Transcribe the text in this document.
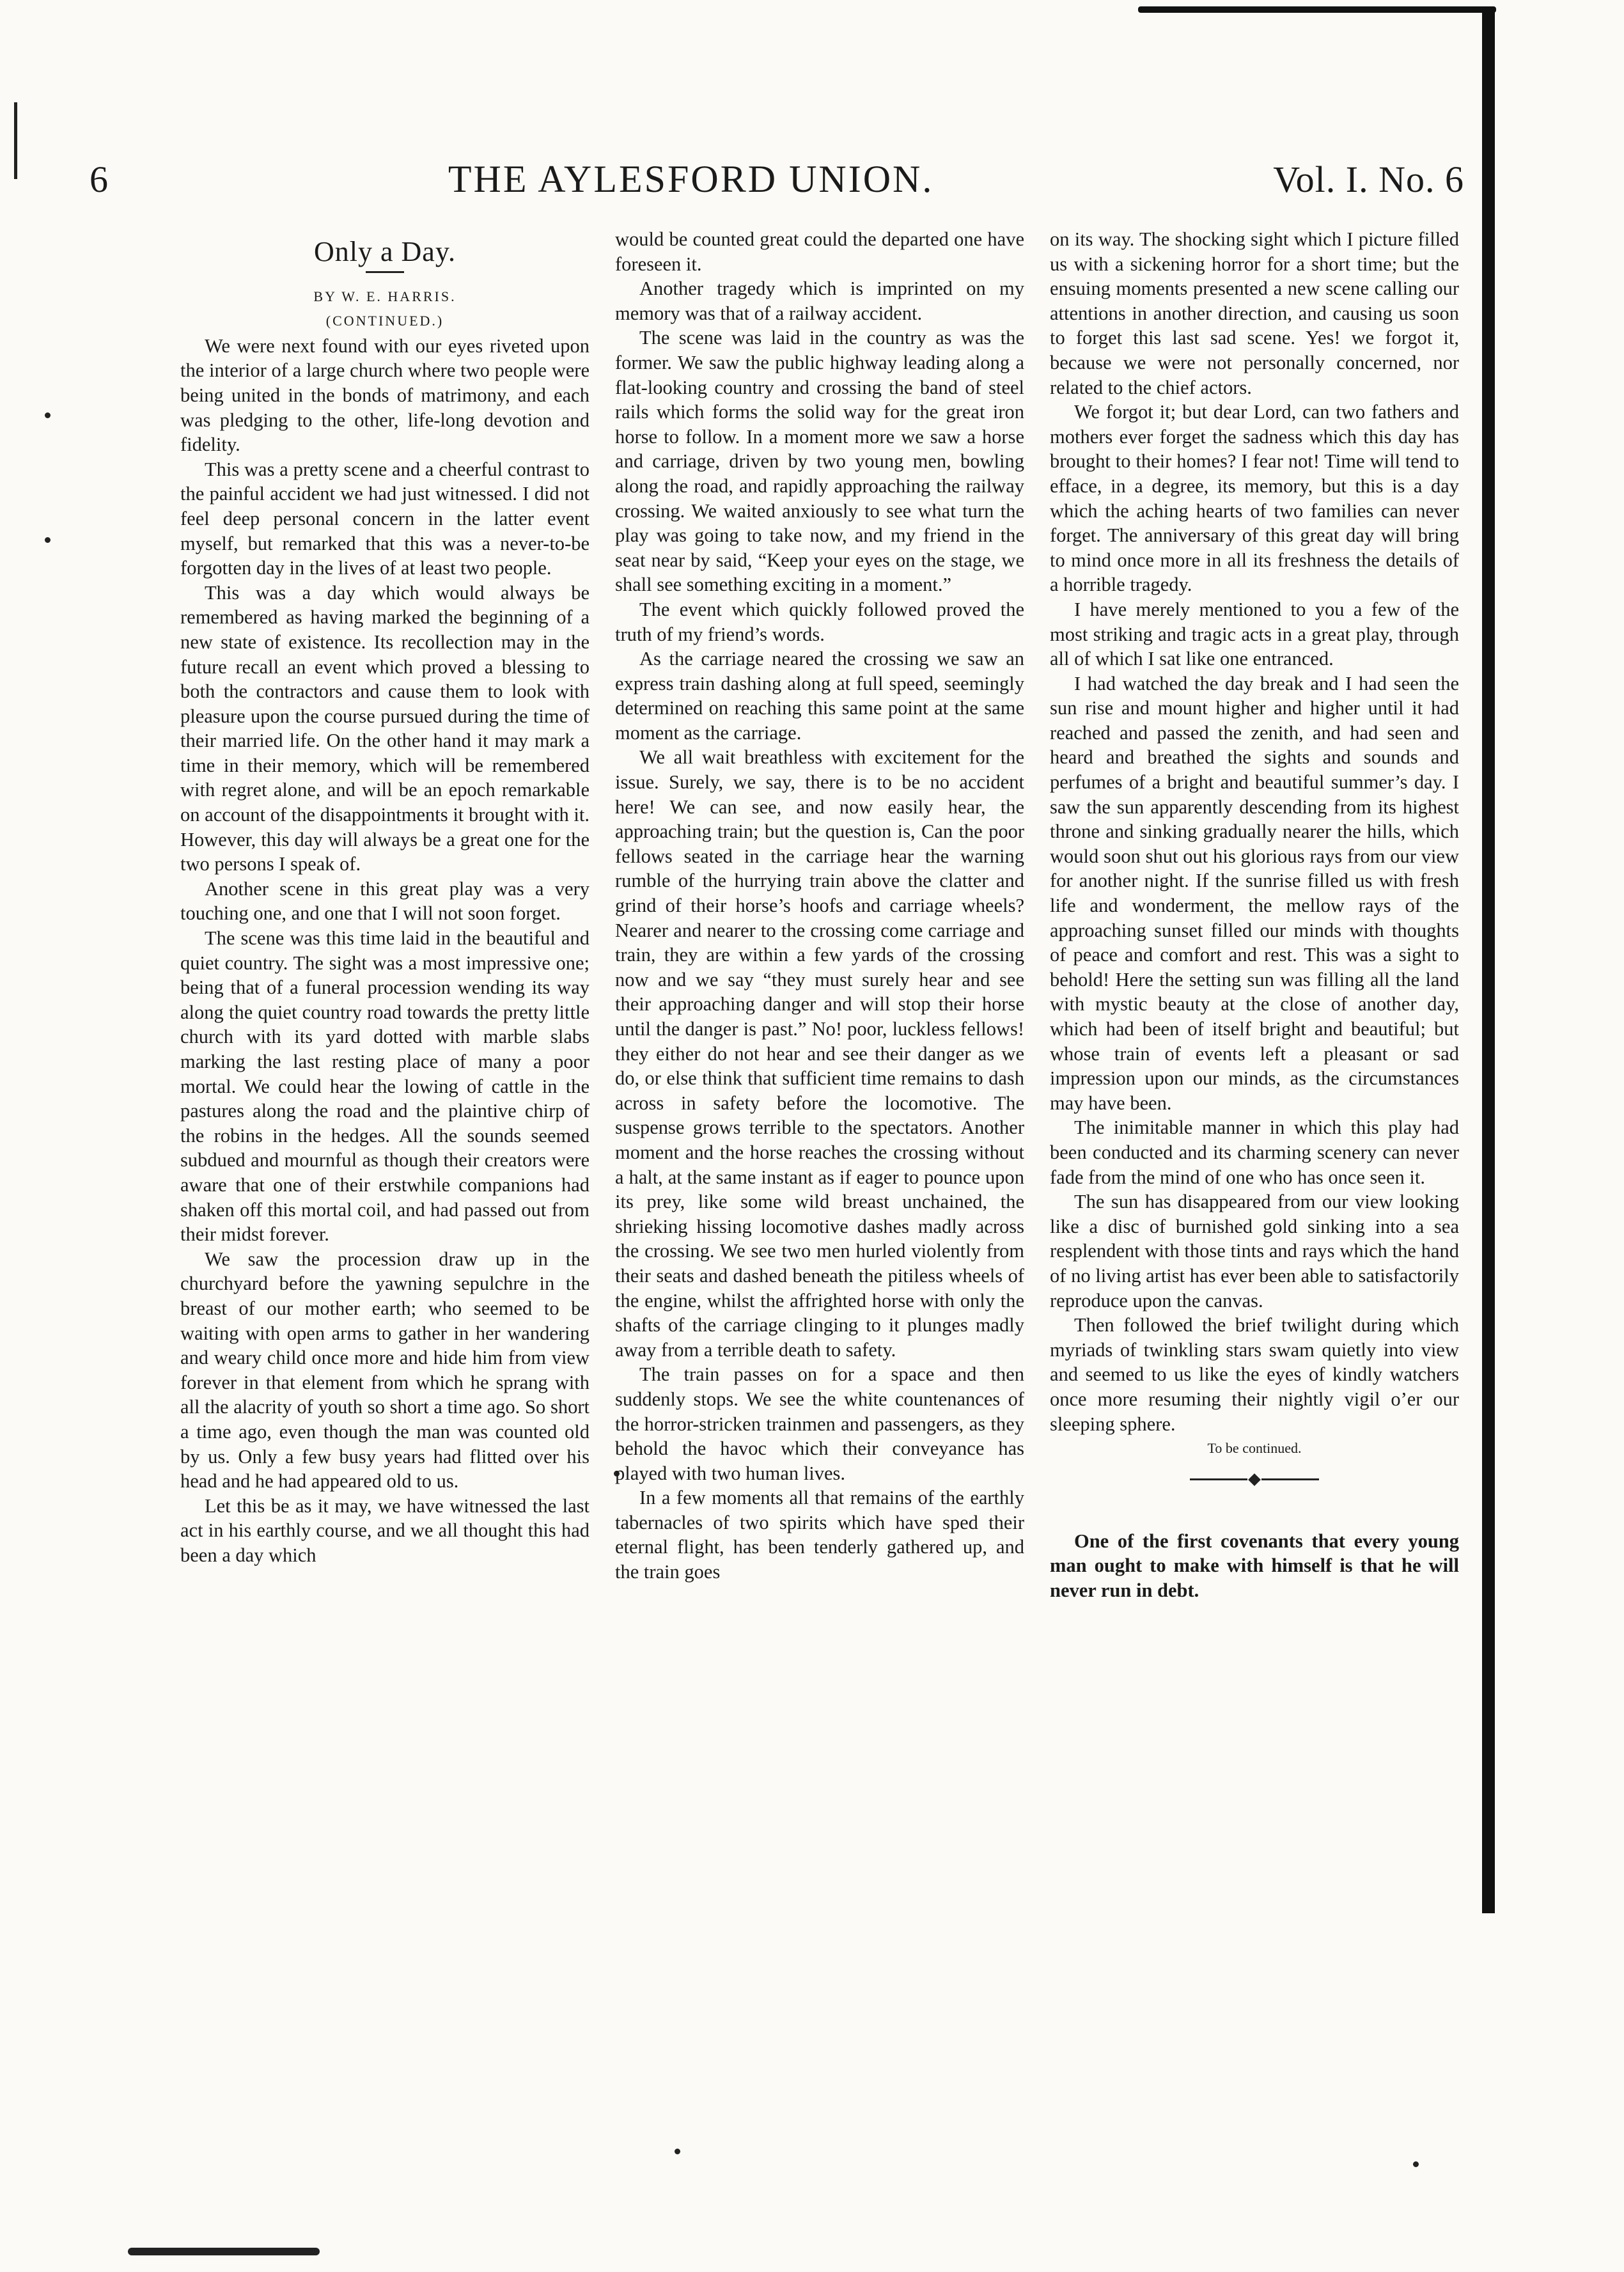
6	THE AYLESFORD UNION.	Vol. I. No. 6
Only a Day.

BY W. E. HARRIS.

(CONTINUED.)

We were next found with our eyes riveted upon the interior of a large church where two people were being united in the bonds of matrimony, and each was pledging to the other, life-long devotion and fidelity.

This was a pretty scene and a cheerful contrast to the painful accident we had just witnessed. I did not feel deep personal concern in the latter event myself, but remarked that this was a never-to-be forgotten day in the lives of at least two people.

This was a day which would always be remembered as having marked the beginning of a new state of existence. Its recollection may in the future recall an event which proved a blessing to both the contractors and cause them to look with pleasure upon the course pursued during the time of their married life. On the other hand it may mark a time in their memory, which will be remembered with regret alone, and will be an epoch remarkable on account of the disappointments it brought with it. However, this day will always be a great one for the two persons I speak of.

Another scene in this great play was a very touching one, and one that I will not soon forget.

The scene was this time laid in the beautiful and quiet country. The sight was a most impressive one; being that of a funeral procession wending its way along the quiet country road towards the pretty little church with its yard dotted with marble slabs marking the last resting place of many a poor mortal. We could hear the lowing of cattle in the pastures along the road and the plaintive chirp of the robins in the hedges. All the sounds seemed subdued and mournful as though their creators were aware that one of their erstwhile companions had shaken off this mortal coil, and had passed out from their midst forever.

We saw the procession draw up in the churchyard before the yawning sepulchre in the breast of our mother earth; who seemed to be waiting with open arms to gather in her wandering and weary child once more and hide him from view forever in that element from which he sprang with all the alacrity of youth so short a time ago. So short a time ago, even though the man was counted old by us. Only a few busy years had flitted over his head and he had appeared old to us.

Let this be as it may, we have witnessed the last act in his earthly course, and we all thought this had been a day which

would be counted great could the departed one have foreseen it.

Another tragedy which is imprinted on my memory was that of a railway accident.

The scene was laid in the country as was the former. We saw the public highway leading along a flat-looking country and crossing the band of steel rails which forms the solid way for the great iron horse to follow. In a moment more we saw a horse and carriage, driven by two young men, bowling along the road, and rapidly approaching the railway crossing. We waited anxiously to see what turn the play was going to take now, and my friend in the seat near by said, “Keep your eyes on the stage, we shall see something exciting in a moment.”

The event which quickly followed proved the truth of my friend’s words.

As the carriage neared the crossing we saw an express train dashing along at full speed, seemingly determined on reaching this same point at the same moment as the carriage.

We all wait breathless with excitement for the issue. Surely, we say, there is to be no accident here! We can see, and now easily hear, the approaching train; but the question is, Can the poor fellows seated in the carriage hear the warning rumble of the hurrying train above the clatter and grind of their horse’s hoofs and carriage wheels? Nearer and nearer to the crossing come carriage and train, they are within a few yards of the crossing now and we say “they must surely hear and see their approaching danger and will stop their horse until the danger is past.” No! poor, luckless fellows! they either do not hear and see their danger as we do, or else think that sufficient time remains to dash across in safety before the locomotive. The suspense grows terrible to the spectators. Another moment and the horse reaches the crossing without a halt, at the same instant as if eager to pounce upon its prey, like some wild breast unchained, the shrieking hissing locomotive dashes madly across the crossing. We see two men hurled violently from their seats and dashed beneath the pitiless wheels of the engine, whilst the affrighted horse with only the shafts of the carriage clinging to it plunges madly away from a terrible death to safety.

The train passes on for a space and then suddenly stops. We see the white countenances of the horror-stricken trainmen and passengers, as they behold the havoc which their conveyance has played with two human lives.

In a few moments all that remains of the earthly tabernacles of two spirits which have sped their eternal flight, has been tenderly gathered up, and the train goes

on its way. The shocking sight which I picture filled us with a sickening horror for a short time; but the ensuing moments presented a new scene calling our attentions in another direction, and causing us soon to forget this last sad scene. Yes! we forgot it, because we were not personally concerned, nor related to the chief actors.

We forgot it; but dear Lord, can two fathers and mothers ever forget the sadness which this day has brought to their homes? I fear not! Time will tend to efface, in a degree, its memory, but this is a day which the aching hearts of two families can never forget. The anniversary of this great day will bring to mind once more in all its freshness the details of a horrible tragedy.

I have merely mentioned to you a few of the most striking and tragic acts in a great play, through all of which I sat like one entranced.

I had watched the day break and I had seen the sun rise and mount higher and higher until it had reached and passed the zenith, and had seen and heard and breathed the sights and sounds and perfumes of a bright and beautiful summer’s day. I saw the sun apparently descending from its highest throne and sinking gradually nearer the hills, which would soon shut out his glorious rays from our view for another night. If the sunrise filled us with fresh life and wonderment, the mellow rays of the approaching sunset filled our minds with thoughts of peace and comfort and rest. This was a sight to behold! Here the setting sun was filling all the land with mystic beauty at the close of another day, which had been of itself bright and beautiful; but whose train of events left a pleasant or sad impression upon our minds, as the circumstances may have been.

The inimitable manner in which this play had been conducted and its charming scenery can never fade from the mind of one who has once seen it.

The sun has disappeared from our view looking like a disc of burnished gold sinking into a sea resplendent with those tints and rays which the hand of no living artist has ever been able to satisfactorily reproduce upon the canvas.

Then followed the brief twilight during which myriads of twinkling stars swam quietly into view and seemed to us like the eyes of kindly watchers once more resuming their nightly vigil o’er our sleeping sphere.

To be continued.

One of the first covenants that every young man ought to make with himself is that he will never run in debt.
